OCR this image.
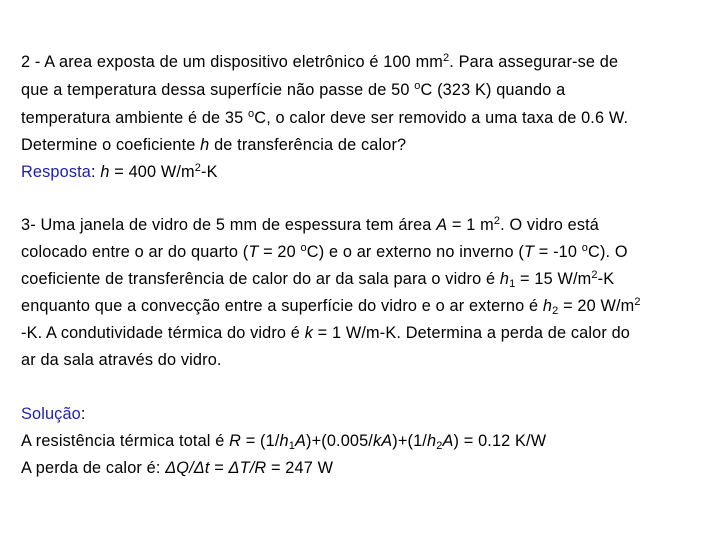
2 - A area exposta de um dispositivo eletrônico é 100 $mm^2$. Para assegurar-se de
que a temperatura dessa superfície não passe de 50 $^o$C (323 K) quando a
temperatura ambiente é de 35 $^o$C, o calor deve ser removido a uma taxa de 0.6 W.
Determine o coeficiente h de transferência de calor?
Resposta: h = 400 $W/m^2-K$
3- Uma janela de vidro de 5 mm de espessura tem área A = 1 $m^2$. O vidro está
colocado entre o ar do quarto (T = 20 $^o$C) e o ar externo no inverno (T = -10 $^o$C). O
coeficiente de transferência de calor do ar da sala para o vidro é $h_1 = 15$ $W/m^2-K$
enquanto que a convecção entre a superfície do vidro e o ar externo é $h_2 = 20$ $W/m^2$
-K. A condutividade térmica do vidro é k = 1 W/m-K. Determina a perda de calor do
ar da sala através do vidro.
Solução:
A resistência térmica total é $R = (1/h_1A)+(0.005/kA)+(1/h_2A) = 0.12$ K/W
A perda de calor é: ΔQ/Δt = ΔT/R = 247 W
